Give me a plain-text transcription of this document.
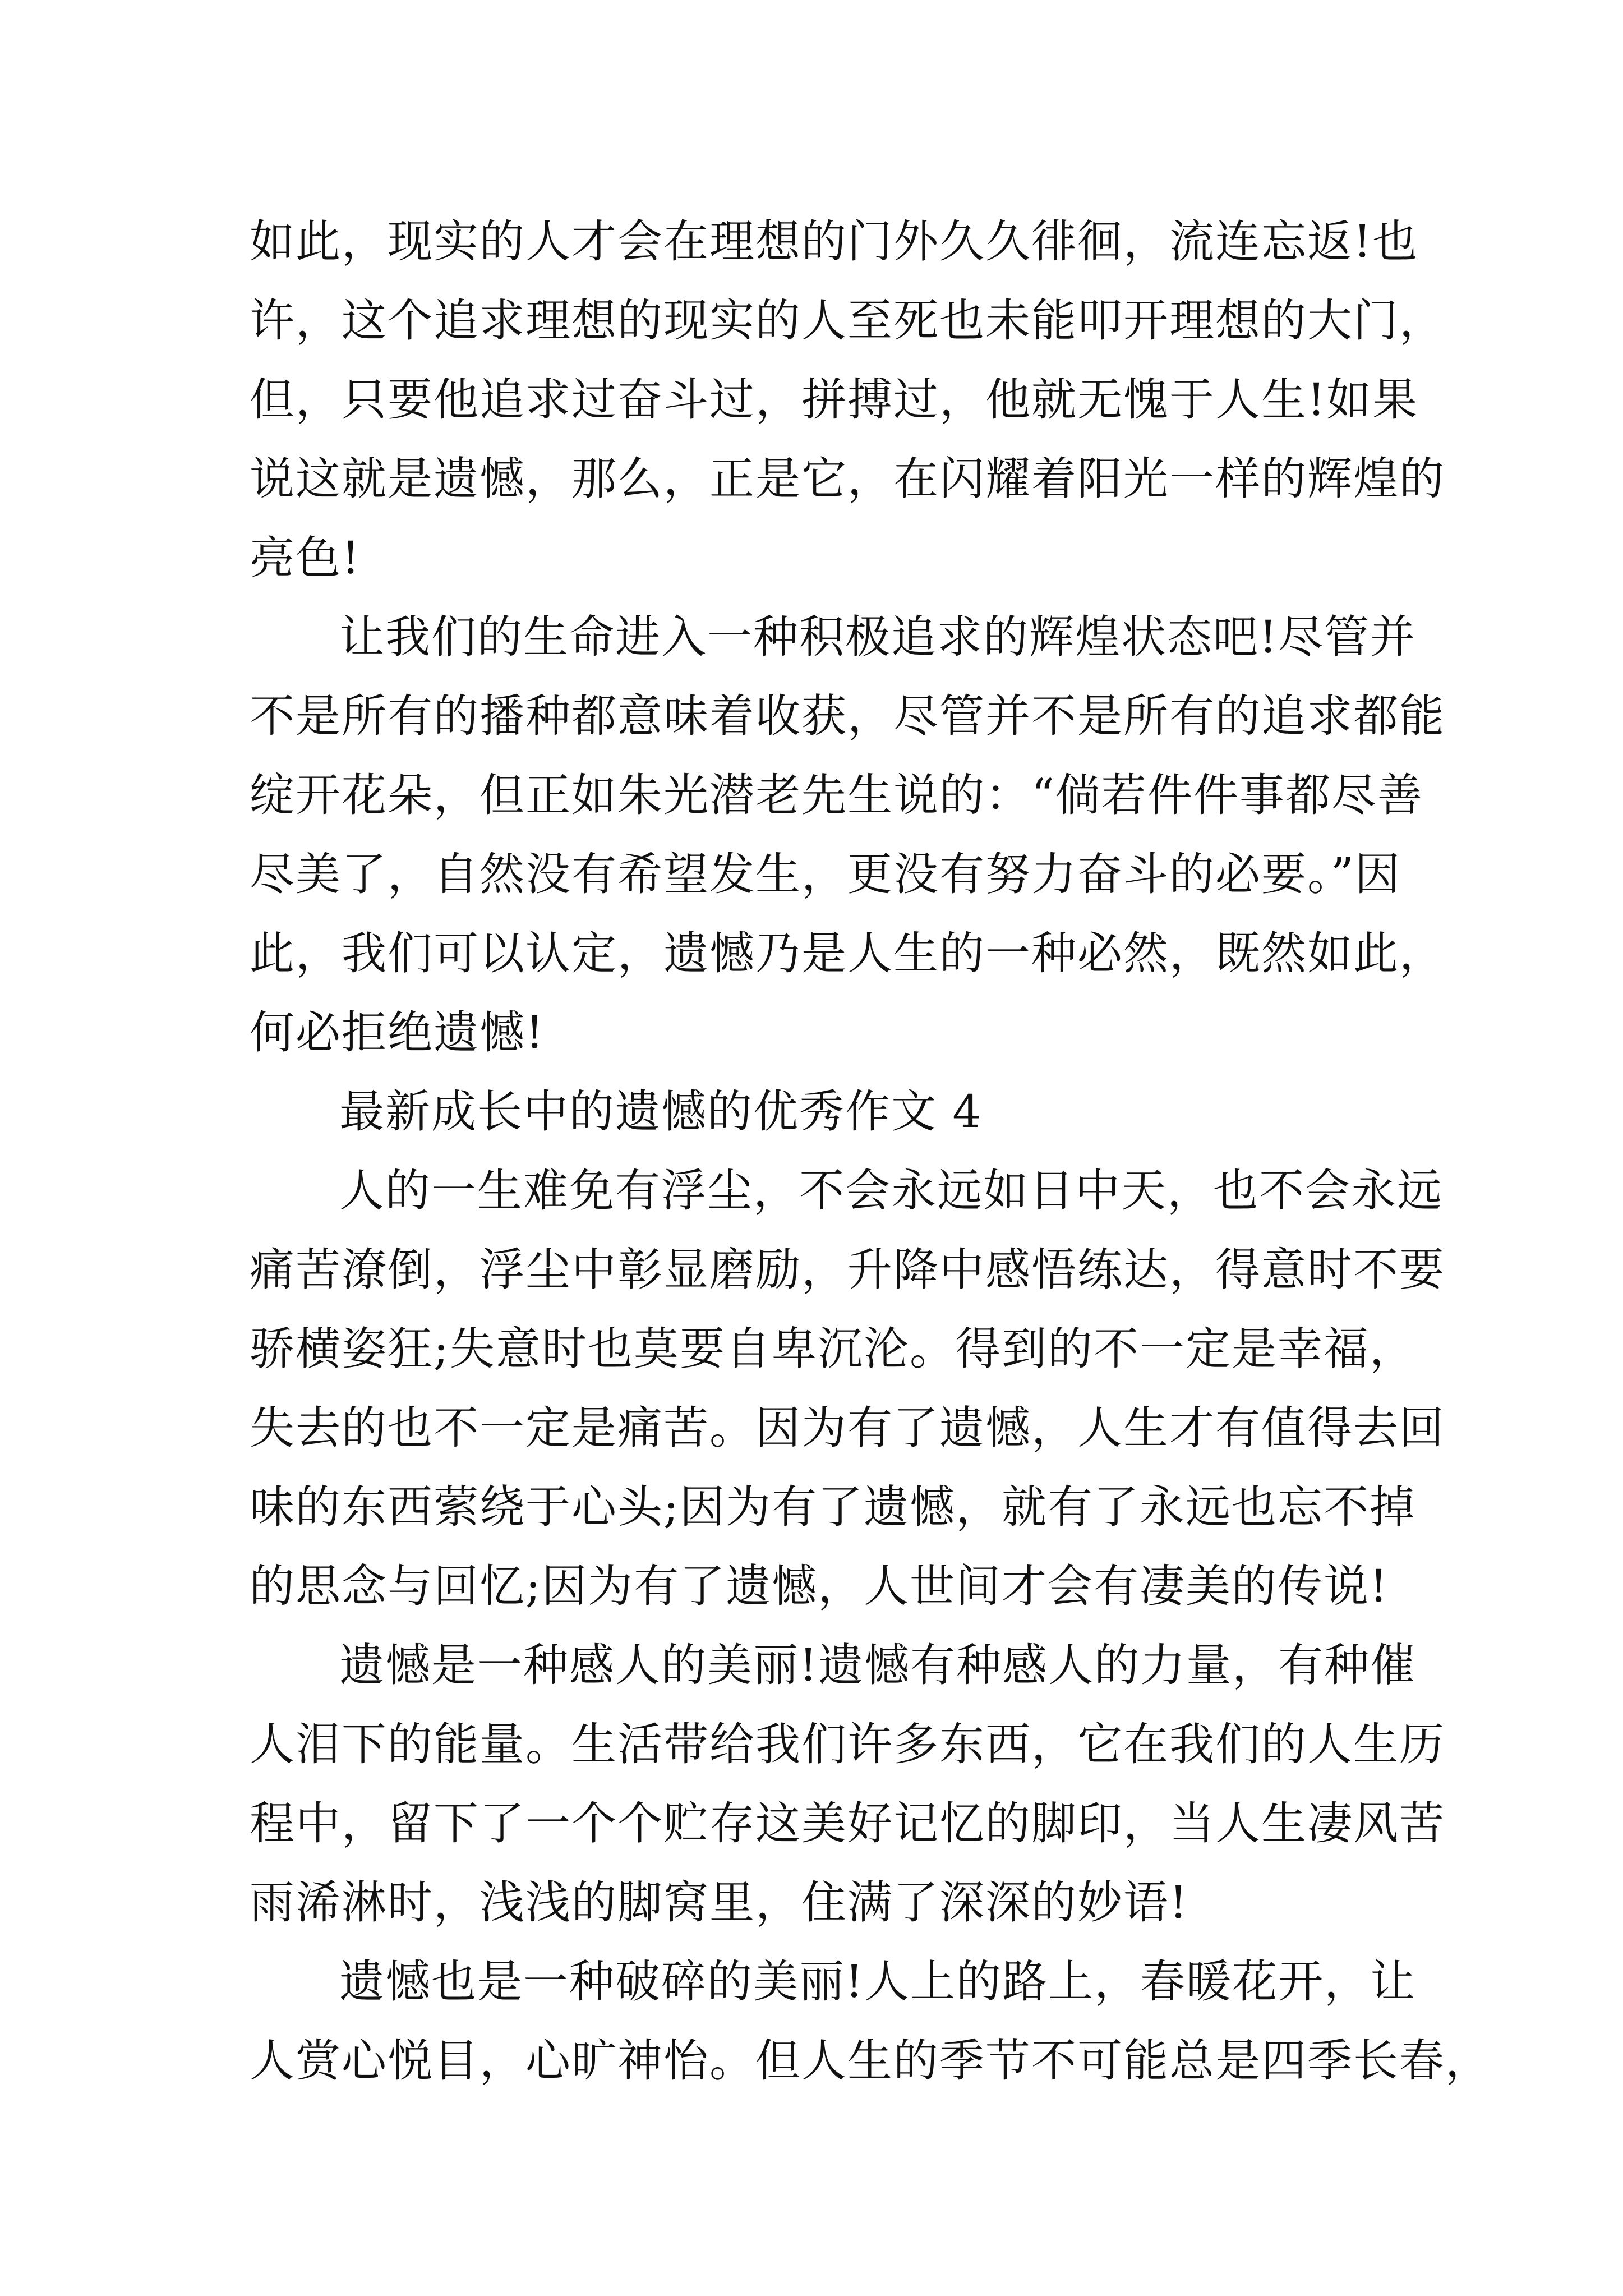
如此，现实的人才会在理想的门外久久徘徊，流连忘返!也
许，这个追求理想的现实的人至死也未能叩开理想的大门，
但，只要他追求过奋斗过，拼搏过，他就无愧于人生!如果
说这就是遗憾，那么，正是它，在闪耀着阳光一样的辉煌的
亮色!
让我们的生命进入一种积极追求的辉煌状态吧!尽管并
不是所有的播种都意味着收获，尽管并不是所有的追求都能
绽开花朵，但正如朱光潜老先生说的：“倘若件件事都尽善
尽美了，自然没有希望发生，更没有努力奋斗的必要。”因
此，我们可以认定，遗憾乃是人生的一种必然，既然如此，
何必拒绝遗憾!
最新成长中的遗憾的优秀作文 4
人的一生难免有浮尘，不会永远如日中天，也不会永远
痛苦潦倒，浮尘中彰显磨励，升降中感悟练达，得意时不要
骄横姿狂;失意时也莫要自卑沉沦。得到的不一定是幸福，
失去的也不一定是痛苦。因为有了遗憾，人生才有值得去回
味的东西萦绕于心头;因为有了遗憾，就有了永远也忘不掉
的思念与回忆;因为有了遗憾，人世间才会有凄美的传说!
遗憾是一种感人的美丽!遗憾有种感人的力量，有种催
人泪下的能量。生活带给我们许多东西，它在我们的人生历
程中，留下了一个个贮存这美好记忆的脚印，当人生凄风苦
雨浠淋时，浅浅的脚窝里，住满了深深的妙语!
遗憾也是一种破碎的美丽!人上的路上，春暖花开，让
人赏心悦目，心旷神怡。但人生的季节不可能总是四季长春，
